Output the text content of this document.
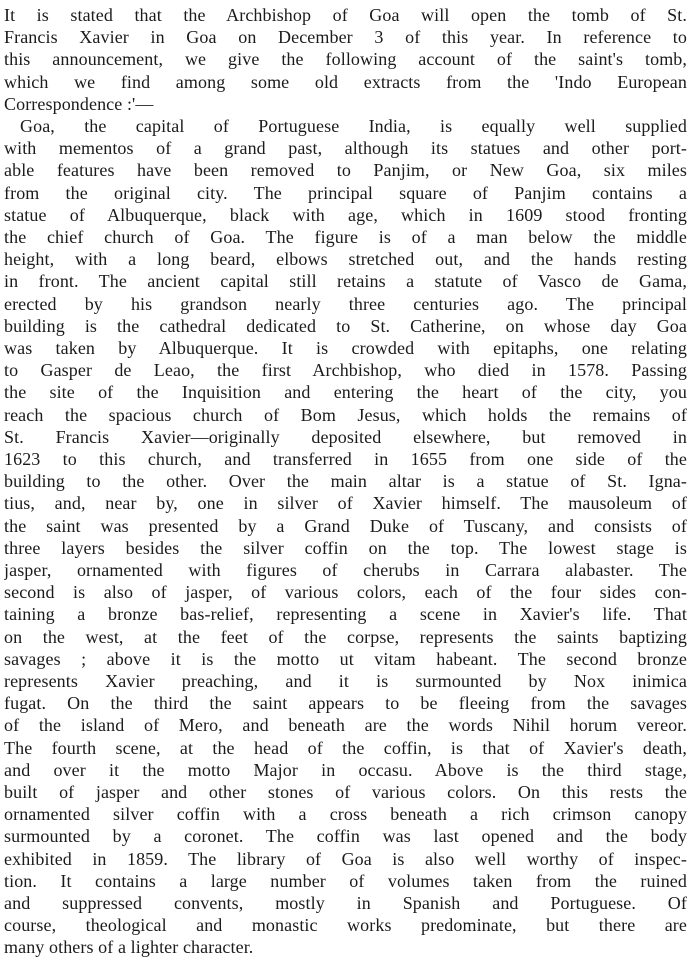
It is stated that the Archbishop of Goa will open the tomb of St.
Francis Xavier in Goa on December 3 of this year. In reference to
this announcement, we give the following account of the saint's tomb,
which we find among some old extracts from the 'Indo European
Correspondence :'—
Goa, the capital of Portuguese India, is equally well supplied
with mementos of a grand past, although its statues and other port-
able features have been removed to Panjim, or New Goa, six miles
from the original city. The principal square of Panjim contains a
statue of Albuquerque, black with age, which in 1609 stood fronting
the chief church of Goa. The figure is of a man below the middle
height, with a long beard, elbows stretched out, and the hands resting
in front. The ancient capital still retains a statute of Vasco de Gama,
erected by his grandson nearly three centuries ago. The principal
building is the cathedral dedicated to St. Catherine, on whose day Goa
was taken by Albuquerque. It is crowded with epitaphs, one relating
to Gasper de Leao, the first Archbishop, who died in 1578. Passing
the site of the Inquisition and entering the heart of the city, you
reach the spacious church of Bom Jesus, which holds the remains of
St. Francis Xavier—originally deposited elsewhere, but removed in
1623 to this church, and transferred in 1655 from one side of the
building to the other. Over the main altar is a statue of St. Igna-
tius, and, near by, one in silver of Xavier himself. The mausoleum of
the saint was presented by a Grand Duke of Tuscany, and consists of
three layers besides the silver coffin on the top. The lowest stage is
jasper, ornamented with figures of cherubs in Carrara alabaster. The
second is also of jasper, of various colors, each of the four sides con-
taining a bronze bas-relief, representing a scene in Xavier's life. That
on the west, at the feet of the corpse, represents the saints baptizing
savages ; above it is the motto ut vitam habeant. The second bronze
represents Xavier preaching, and it is surmounted by Nox inimica
fugat. On the third the saint appears to be fleeing from the savages
of the island of Mero, and beneath are the words Nihil horum vereor.
The fourth scene, at the head of the coffin, is that of Xavier's death,
and over it the motto Major in occasu. Above is the third stage,
built of jasper and other stones of various colors. On this rests the
ornamented silver coffin with a cross beneath a rich crimson canopy
surmounted by a coronet. The coffin was last opened and the body
exhibited in 1859. The library of Goa is also well worthy of inspec-
tion. It contains a large number of volumes taken from the ruined
and suppressed convents, mostly in Spanish and Portuguese. Of
course, theological and monastic works predominate, but there are
many others of a lighter character.
